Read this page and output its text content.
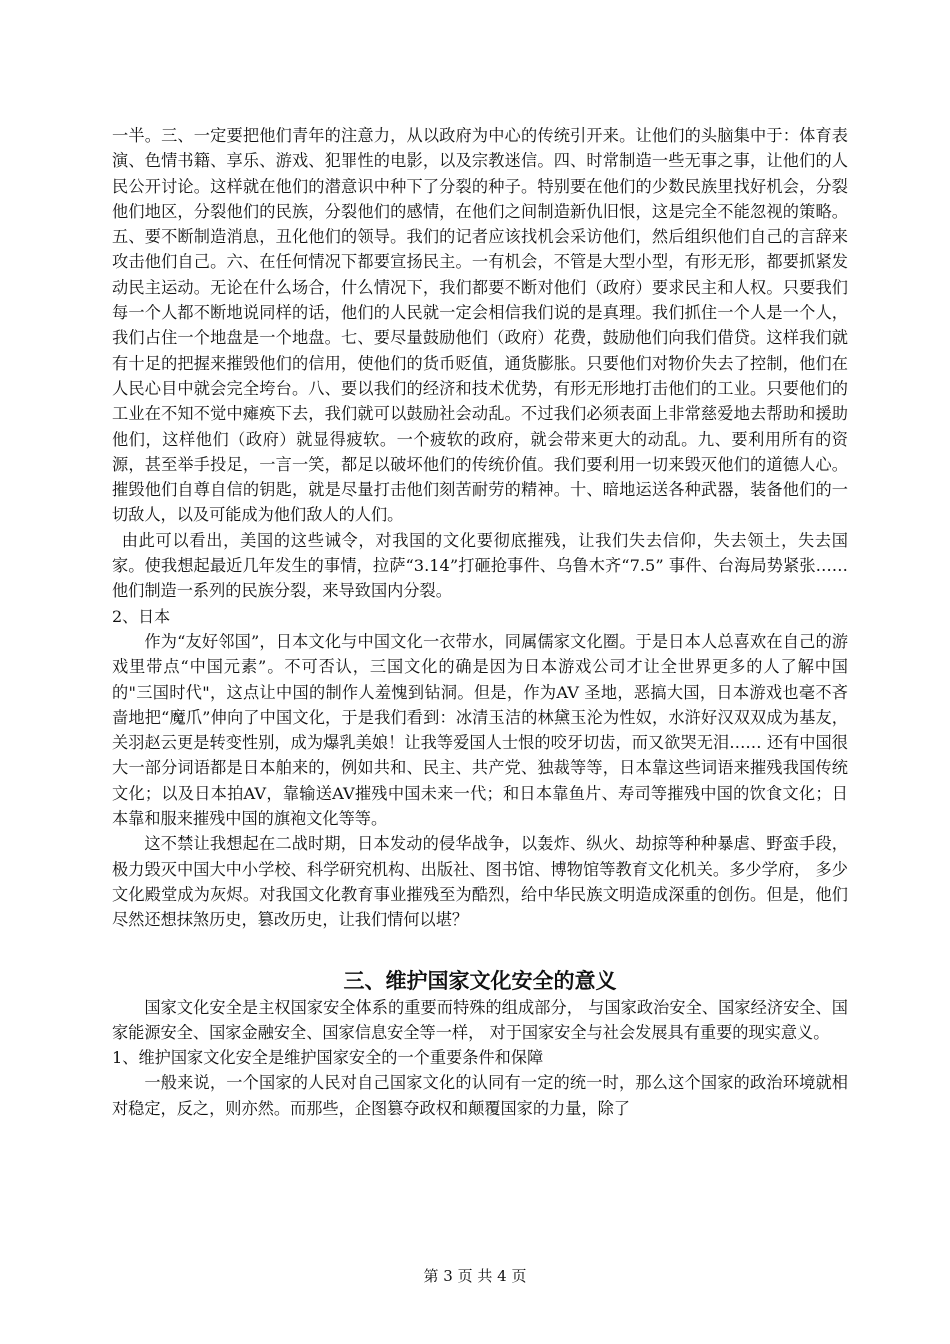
一半。三、一定要把他们青年的注意力，从以政府为中心的传统引开来。让他们的头脑集中于：体育表演、色情书籍、享乐、游戏、犯罪性的电影，以及宗教迷信。四、时常制造一些无事之事，让他们的人民公开讨论。这样就在他们的潜意识中种下了分裂的种子。特别要在他们的少数民族里找好机会，分裂他们地区，分裂他们的民族，分裂他们的感情，在他们之间制造新仇旧恨，这是完全不能忽视的策略。五、要不断制造消息，丑化他们的领导。我们的记者应该找机会采访他们，然后组织他们自己的言辞来攻击他们自己。六、在任何情况下都要宣扬民主。一有机会，不管是大型小型，有形无形，都要抓紧发动民主运动。无论在什么场合，什么情况下，我们都要不断对他们（政府）要求民主和人权。只要我们每一个人都不断地说同样的话，他们的人民就一定会相信我们说的是真理。我们抓住一个人是一个人，我们占住一个地盘是一个地盘。七、要尽量鼓励他们（政府）花费，鼓励他们向我们借贷。这样我们就有十足的把握来摧毁他们的信用，使他们的货币贬值，通货膨胀。只要他们对物价失去了控制，他们在人民心目中就会完全垮台。八、要以我们的经济和技术优势，有形无形地打击他们的工业。只要他们的工业在不知不觉中瘫痪下去，我们就可以鼓励社会动乱。不过我们必须表面上非常慈爱地去帮助和援助他们，这样他们（政府）就显得疲软。一个疲软的政府，就会带来更大的动乱。九、要利用所有的资源，甚至举手投足，一言一笑，都足以破坏他们的传统价值。我们要利用一切来毁灭他们的道德人心。摧毁他们自尊自信的钥匙，就是尽量打击他们刻苦耐劳的精神。十、暗地运送各种武器，装备他们的一切敌人，以及可能成为他们敌人的人们。

由此可以看出，美国的这些诫令，对我国的文化要彻底摧残，让我们失去信仰，失去领土，失去国家。使我想起最近几年发生的事情，拉萨“3.14”打砸抢事件、乌鲁木齐“7.5” 事件、台海局势紧张……他们制造一系列的民族分裂，来导致国内分裂。

2、日本

作为“友好邻国”，日本文化与中国文化一衣带水，同属儒家文化圈。于是日本人总喜欢在自己的游戏里带点“中国元素”。不可否认，三国文化的确是因为日本游戏公司才让全世界更多的人了解中国的"三国时代"，这点让中国的制作人羞愧到钻洞。但是，作为AV 圣地，恶搞大国，日本游戏也毫不吝啬地把“魔爪”伸向了中国文化，于是我们看到：冰清玉洁的林黛玉沦为性奴，水浒好汉双双成为基友，关羽赵云更是转变性别，成为爆乳美娘！让我等爱国人士恨的咬牙切齿，而又欲哭无泪…… 还有中国很大一部分词语都是日本舶来的，例如共和、民主、共产党、独裁等等，日本靠这些词语来摧残我国传统文化；以及日本拍AV，靠输送AV摧残中国未来一代；和日本靠鱼片、寿司等摧残中国的饮食文化；日本靠和服来摧残中国的旗袍文化等等。

这不禁让我想起在二战时期，日本发动的侵华战争，以轰炸、纵火、劫掠等种种暴虐、野蛮手段，极力毁灭中国大中小学校、科学研究机构、出版社、图书馆、博物馆等教育文化机关。多少学府， 多少文化殿堂成为灰烬。对我国文化教育事业摧残至为酷烈，给中华民族文明造成深重的创伤。但是，他们尽然还想抹煞历史，篡改历史，让我们情何以堪？

三、维护国家文化安全的意义

国家文化安全是主权国家安全体系的重要而特殊的组成部分， 与国家政治安全、国家经济安全、国家能源安全、国家金融安全、国家信息安全等一样， 对于国家安全与社会发展具有重要的现实意义。

1、维护国家文化安全是维护国家安全的一个重要条件和保障

一般来说，一个国家的人民对自己国家文化的认同有一定的统一时，那么这个国家的政治环境就相对稳定，反之，则亦然。而那些，企图篡夺政权和颠覆国家的力量，除了

第 3 页 共 4 页
